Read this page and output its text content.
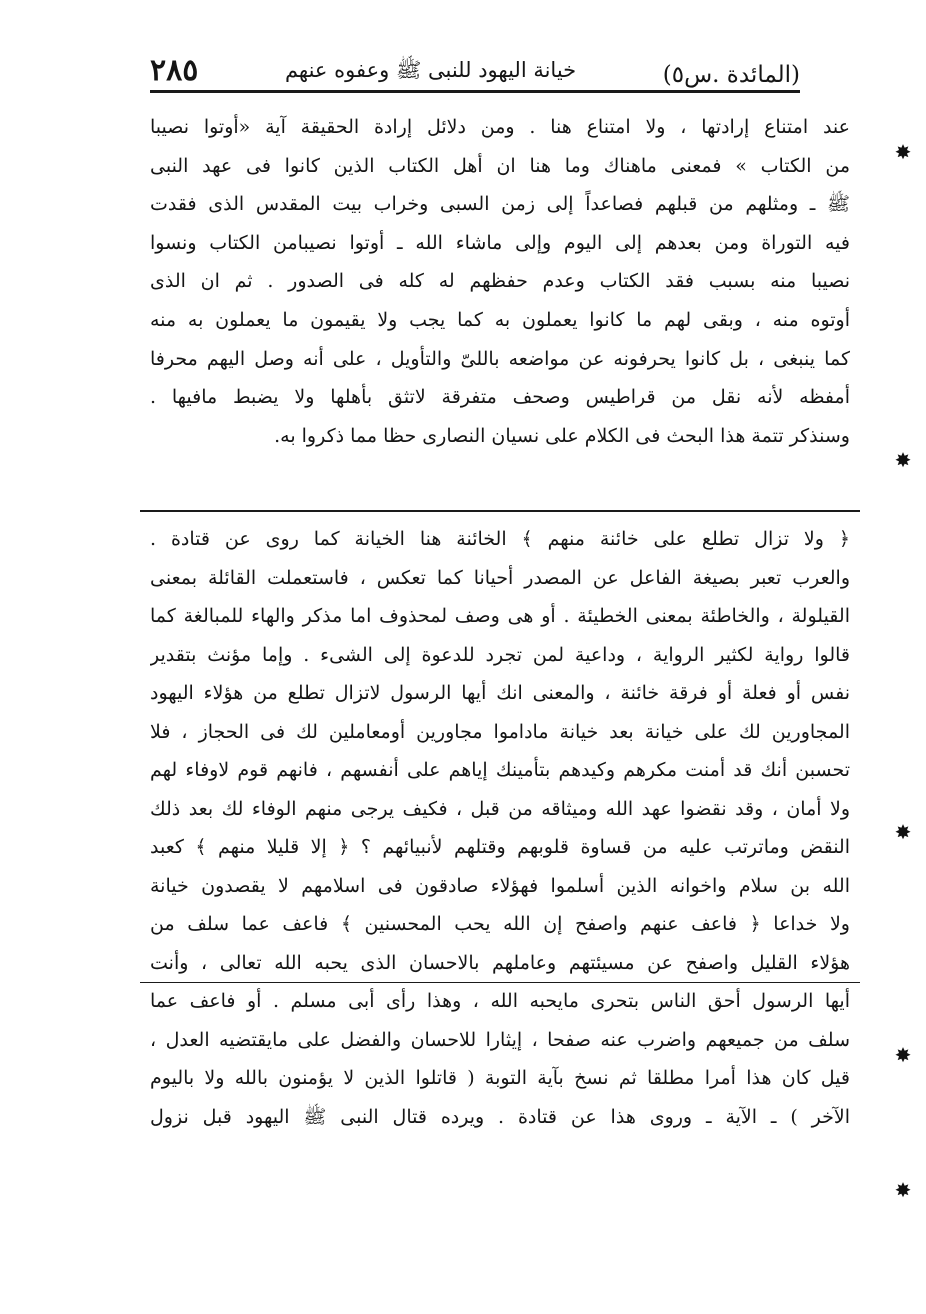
(المائدة .س٥)
خيانة اليهود للنبى ﷺ وعفوه عنهم
٢٨٥
عند امتناع إرادتها ، ولا امتناع هنا . ومن دلائل إرادة الحقيقة آية «أوتوا نصيبا
من الكتاب » فمعنى ماهناك وما هنا ان أهل الكتاب الذين كانوا فى عهد النبى
ﷺ ـ ومثلهم من قبلهم فصاعداً إلى زمن السبى وخراب بيت المقدس الذى فقدت
فيه التوراة ومن بعدهم إلى اليوم وإلى ماشاء الله ـ أوتوا نصيبامن الكتاب ونسوا
نصيبا منه بسبب فقد الكتاب وعدم حفظهم له كله فى الصدور . ثم ان الذى
أوتوه منه ، وبقى لهم ما كانوا يعملون به كما يجب ولا يقيمون ما يعملون به منه
كما ينبغى ، بل كانوا يحرفونه عن مواضعه باللىّ والتأويل ، على أنه وصل اليهم محرفا
أمفظه لأنه نقل من قراطيس وصحف متفرقة لاتثق بأهلها ولا يضبط مافيها .
وسنذكر تتمة هذا البحث فى الكلام على نسيان النصارى حظا مما ذكروا به.
﴿ ولا تزال تطلع على خائنة منهم ﴾ الخائنة هنا الخيانة كما روى عن قتادة .
والعرب تعبر بصيغة الفاعل عن المصدر أحيانا كما تعكس ، فاستعملت القائلة بمعنى
القيلولة ، والخاطئة بمعنى الخطيئة . أو هى وصف لمحذوف اما مذكر والهاء للمبالغة كما
قالوا رواية لكثير الرواية ، وداعية لمن تجرد للدعوة إلى الشىء . وإما مؤنث بتقدير
نفس أو فعلة أو فرقة خائنة ، والمعنى انك أيها الرسول لاتزال تطلع من هؤلاء اليهود
المجاورين لك على خيانة بعد خيانة ماداموا مجاورين أومعاملين لك فى الحجاز ، فلا
تحسبن أنك قد أمنت مكرهم وكيدهم بتأمينك إياهم على أنفسهم ، فانهم قوم لاوفاء لهم
ولا أمان ، وقد نقضوا عهد الله وميثاقه من قبل ، فكيف يرجى منهم الوفاء لك بعد ذلك
النقض وماترتب عليه من قساوة قلوبهم وقتلهم لأنبيائهم ؟ ﴿ إلا قليلا منهم ﴾ كعبد
الله بن سلام واخوانه الذين أسلموا فهؤلاء صادقون فى اسلامهم لا يقصدون خيانة
ولا خداعا ﴿ فاعف عنهم واصفح إن الله يحب المحسنين ﴾ فاعف عما سلف من
هؤلاء القليل واصفح عن مسيئتهم وعاملهم بالاحسان الذى يحبه الله تعالى ، وأنت
أيها الرسول أحق الناس بتحرى مايحبه الله ، وهذا رأى أبى مسلم . أو فاعف عما
سلف من جميعهم واضرب عنه صفحا ، إيثارا للاحسان والفضل على مايقتضيه العدل ،
قيل كان هذا أمرا مطلقا ثم نسخ بآية التوبة ( قاتلوا الذين لا يؤمنون بالله ولا باليوم
الآخر ) ـ الآية ـ وروى هذا عن قتادة . ويرده قتال النبى ﷺ اليهود قبل نزول
✸
✸
✸
✸
✸
